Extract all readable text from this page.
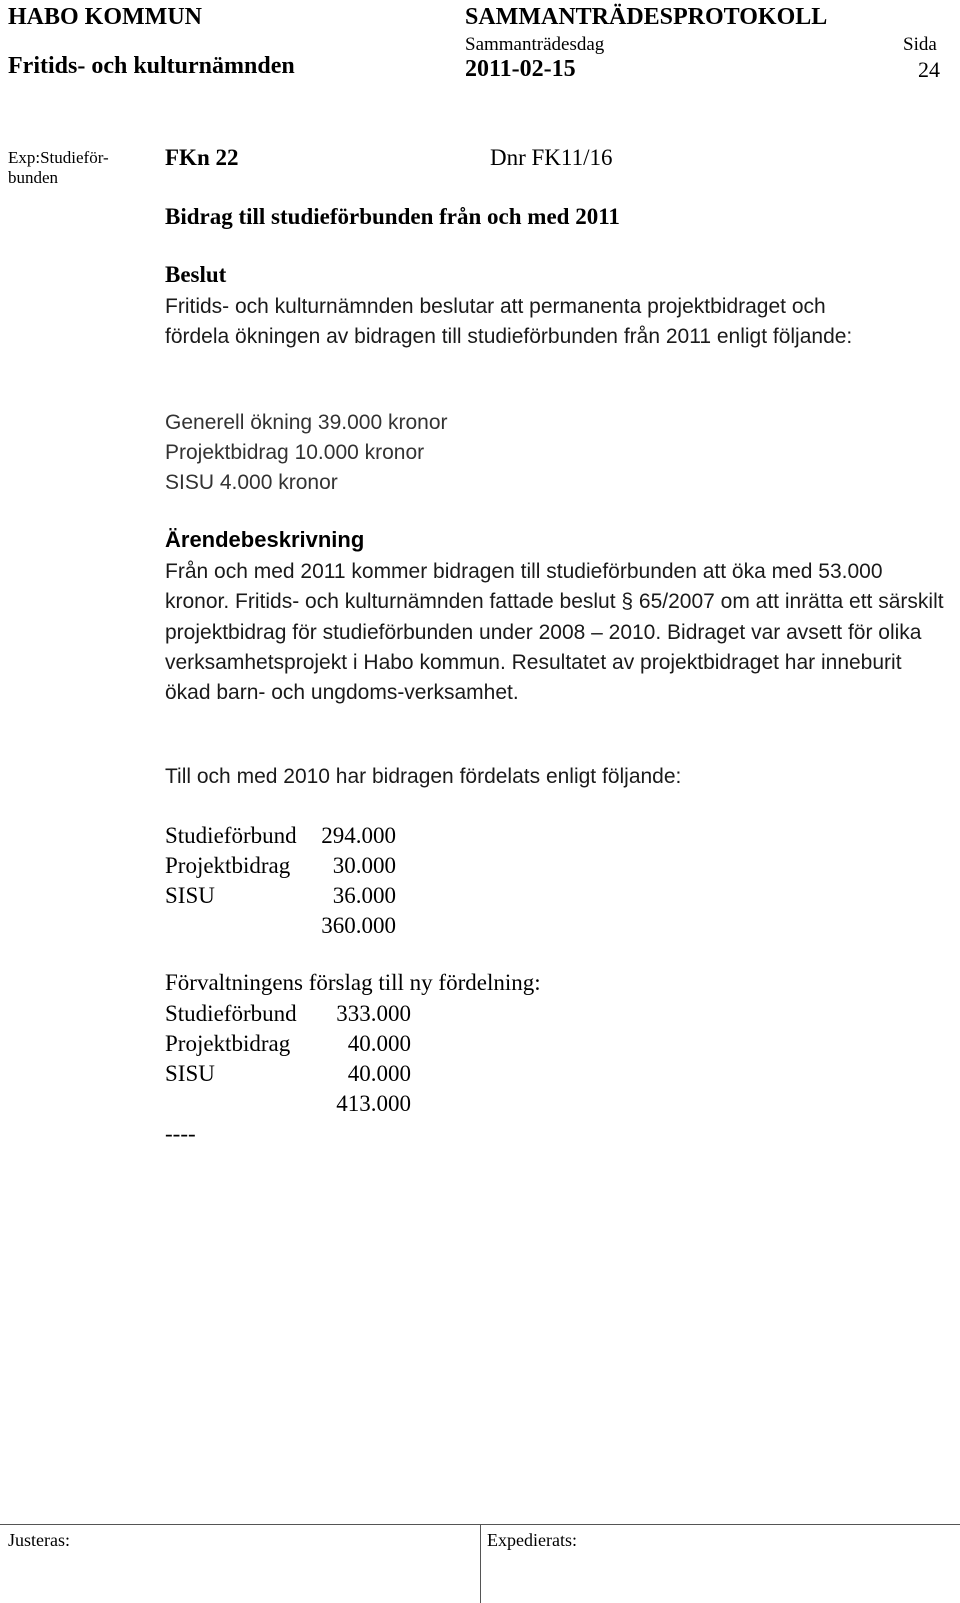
HABO KOMMUN
Fritids- och kulturnämnden
SAMMANTRÄDESPROTOKOLL
Sammanträdesdag
2011-02-15
Sida
24
Exp:Studieför-bunden
FKn 22	Dnr FK11/16
Bidrag till studieförbunden från och med 2011
Beslut
Fritids- och kulturnämnden beslutar att permanenta projektbidraget och fördela ökningen av bidragen till studieförbunden från 2011 enligt följande:
Generell ökning 39.000 kronor
Projektbidrag 10.000 kronor
SISU 4.000 kronor
Ärendebeskrivning
Från och med 2011 kommer bidragen till studieförbunden att öka med 53.000 kronor. Fritids- och kulturnämnden fattade beslut § 65/2007 om att inrätta ett särskilt projektbidrag för studieförbunden under 2008 – 2010. Bidraget var avsett för olika verksamhetsprojekt i Habo kommun. Resultatet av projektbidraget har inneburit ökad barn- och ungdoms-verksamhet.
Till och med 2010 har bidragen fördelats enligt följande:
Studieförbund 294.000
Projektbidrag 30.000
SISU	36.000
360.000
Förvaltningens förslag till ny fördelning:
Studieförbund 333.000
Projektbidrag	40.000
SISU	40.000
413.000
----
Justeras:	Expedierats:
